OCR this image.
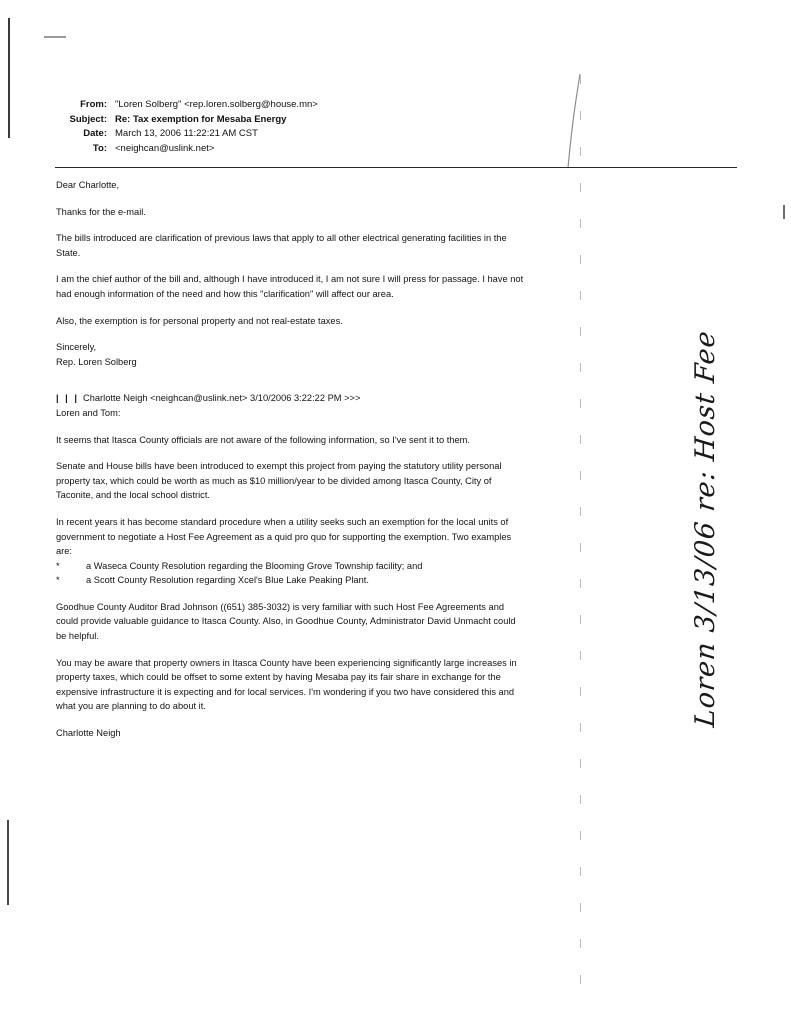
From: "Loren Solberg" <rep.loren.solberg@house.mn>
Subject: Re: Tax exemption for Mesaba Energy
Date: March 13, 2006 11:22:21 AM CST
To: <neighcan@uslink.net>

Dear Charlotte,

Thanks for the e-mail.

The bills introduced are clarification of previous laws that apply to all other electrical generating facilities in the State.

I am the chief author of the bill and, although I have introduced it, I am not sure I will press for passage. I have not had enough information of the need and how this "clarification" will affect our area.

Also, the exemption is for personal property and not real-estate taxes.

Sincerely,

Rep. Loren Solberg

| | | Charlotte Neigh <neighcan@uslink.net> 3/10/2006 3:22:22 PM >>>

Loren and Tom:

It seems that Itasca County officials are not aware of the following information, so I've sent it to them.

Senate and House bills have been introduced to exempt this project from paying the statutory utility personal property tax, which could be worth as much as $10 million/year to be divided among Itasca County, City of Taconite, and the local school district.

In recent years it has become standard procedure when a utility seeks such an exemption for the local units of government to negotiate a Host Fee Agreement as a quid pro quo for supporting the exemption. Two examples are:

*	a Waseca County Resolution regarding the Blooming Grove Township facility; and

*	a Scott County Resolution regarding Xcel's Blue Lake Peaking Plant.

Goodhue County Auditor Brad Johnson ((651) 385-3032) is very familiar with such Host Fee Agreements and could provide valuable guidance to Itasca County. Also, in Goodhue County, Administrator David Unmacht could be helpful.

You may be aware that property owners in Itasca County have been experiencing significantly large increases in property taxes, which could be offset to some extent by having Mesaba pay its fair share in exchange for the expensive infrastructure it is expecting and for local services. I'm wondering if you two have considered this and what you are planning to do about it.

Charlotte Neigh

Loren 3/13/06 re: Host Fee
